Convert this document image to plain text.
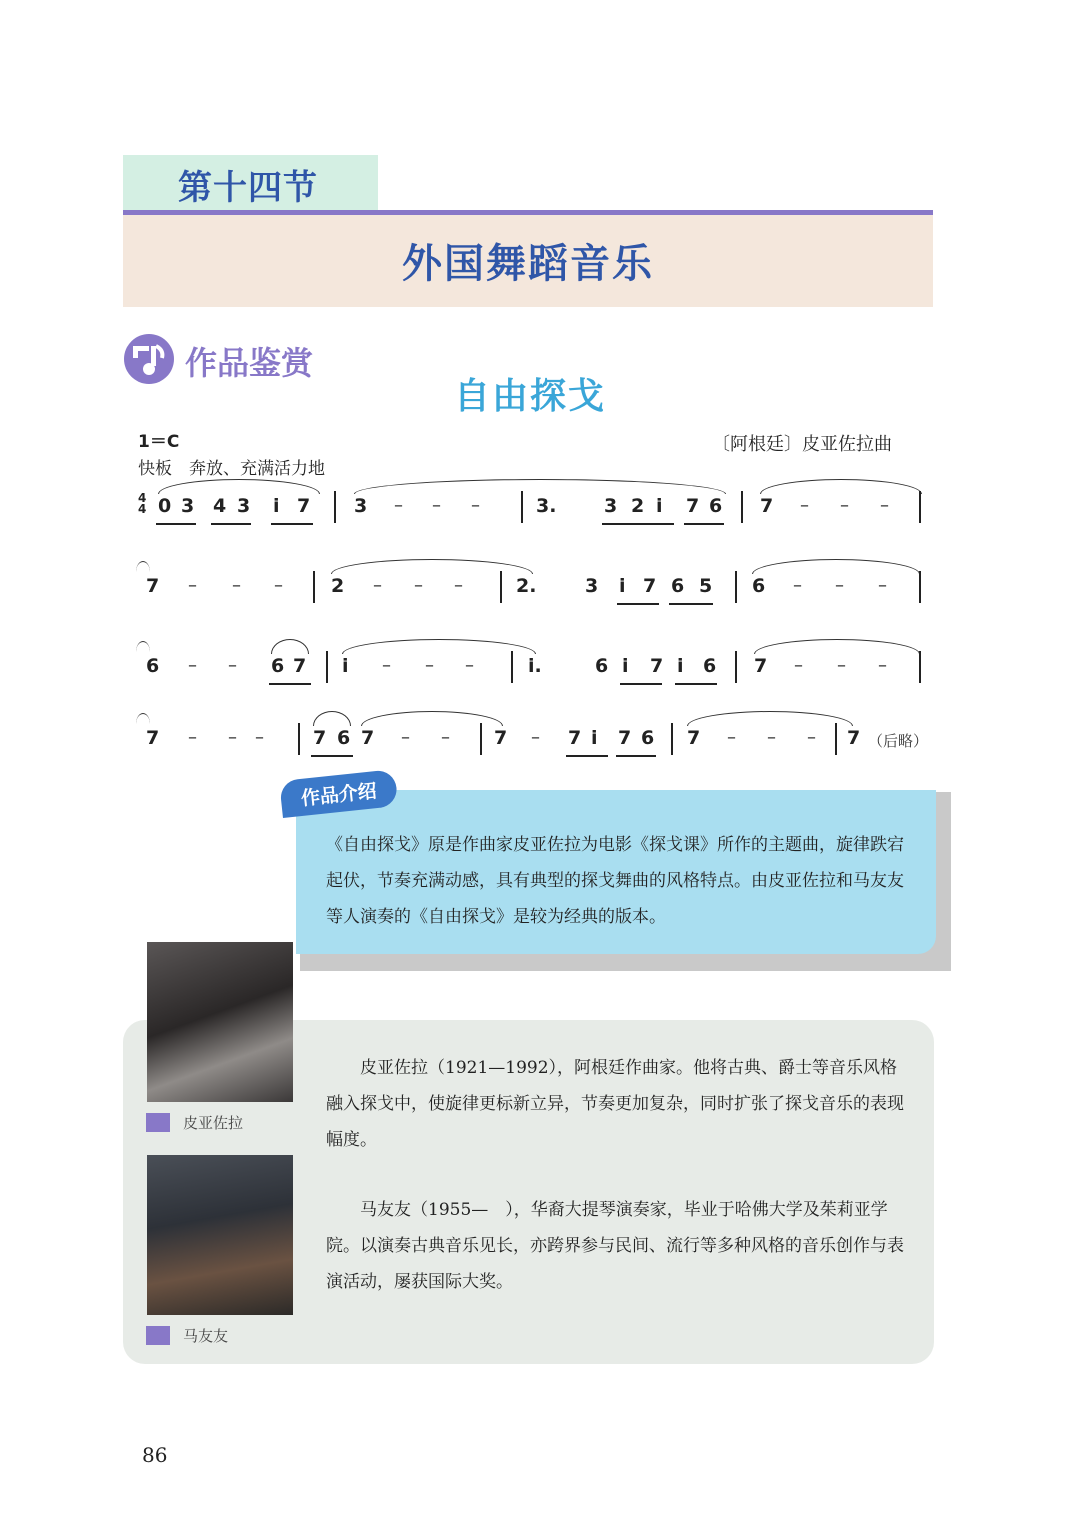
第十四节
外国舞蹈音乐
作品鉴赏
自由探戈
1＝C	〔阿根廷〕皮亚佐拉曲
快板　奔放、充满活力地
4
4 0 3 4 3 i 7 3 – – –	3.	3 2 i 7 6 7 – – –
7 – – –	2 – – –	2.	3 i 7 6 5 6 – – –
6 – – 6 7 i – – –	i.	6 i 7 i 6 7 – – –
7 – – –	7 6 7 – – 7 – 7 i 7 6 7 – – – 7 （后略）
作品介绍
《自由探戈》原是作曲家皮亚佐拉为电影《探戈课》所作的主题曲，旋律跌宕起伏，节奏充满动感，具有典型的探戈舞曲的风格特点。由皮亚佐拉和马友友等人演奏的《自由探戈》是较为经典的版本。
皮亚佐拉
马友友
皮亚佐拉（1921—1992），阿根廷作曲家。他将古典、爵士等音乐风格融入探戈中，使旋律更标新立异，节奏更加复杂，同时扩张了探戈音乐的表现幅度。
马友友（1955—　），华裔大提琴演奏家，毕业于哈佛大学及茱莉亚学院。以演奏古典音乐见长，亦跨界参与民间、流行等多种风格的音乐创作与表演活动，屡获国际大奖。
86
